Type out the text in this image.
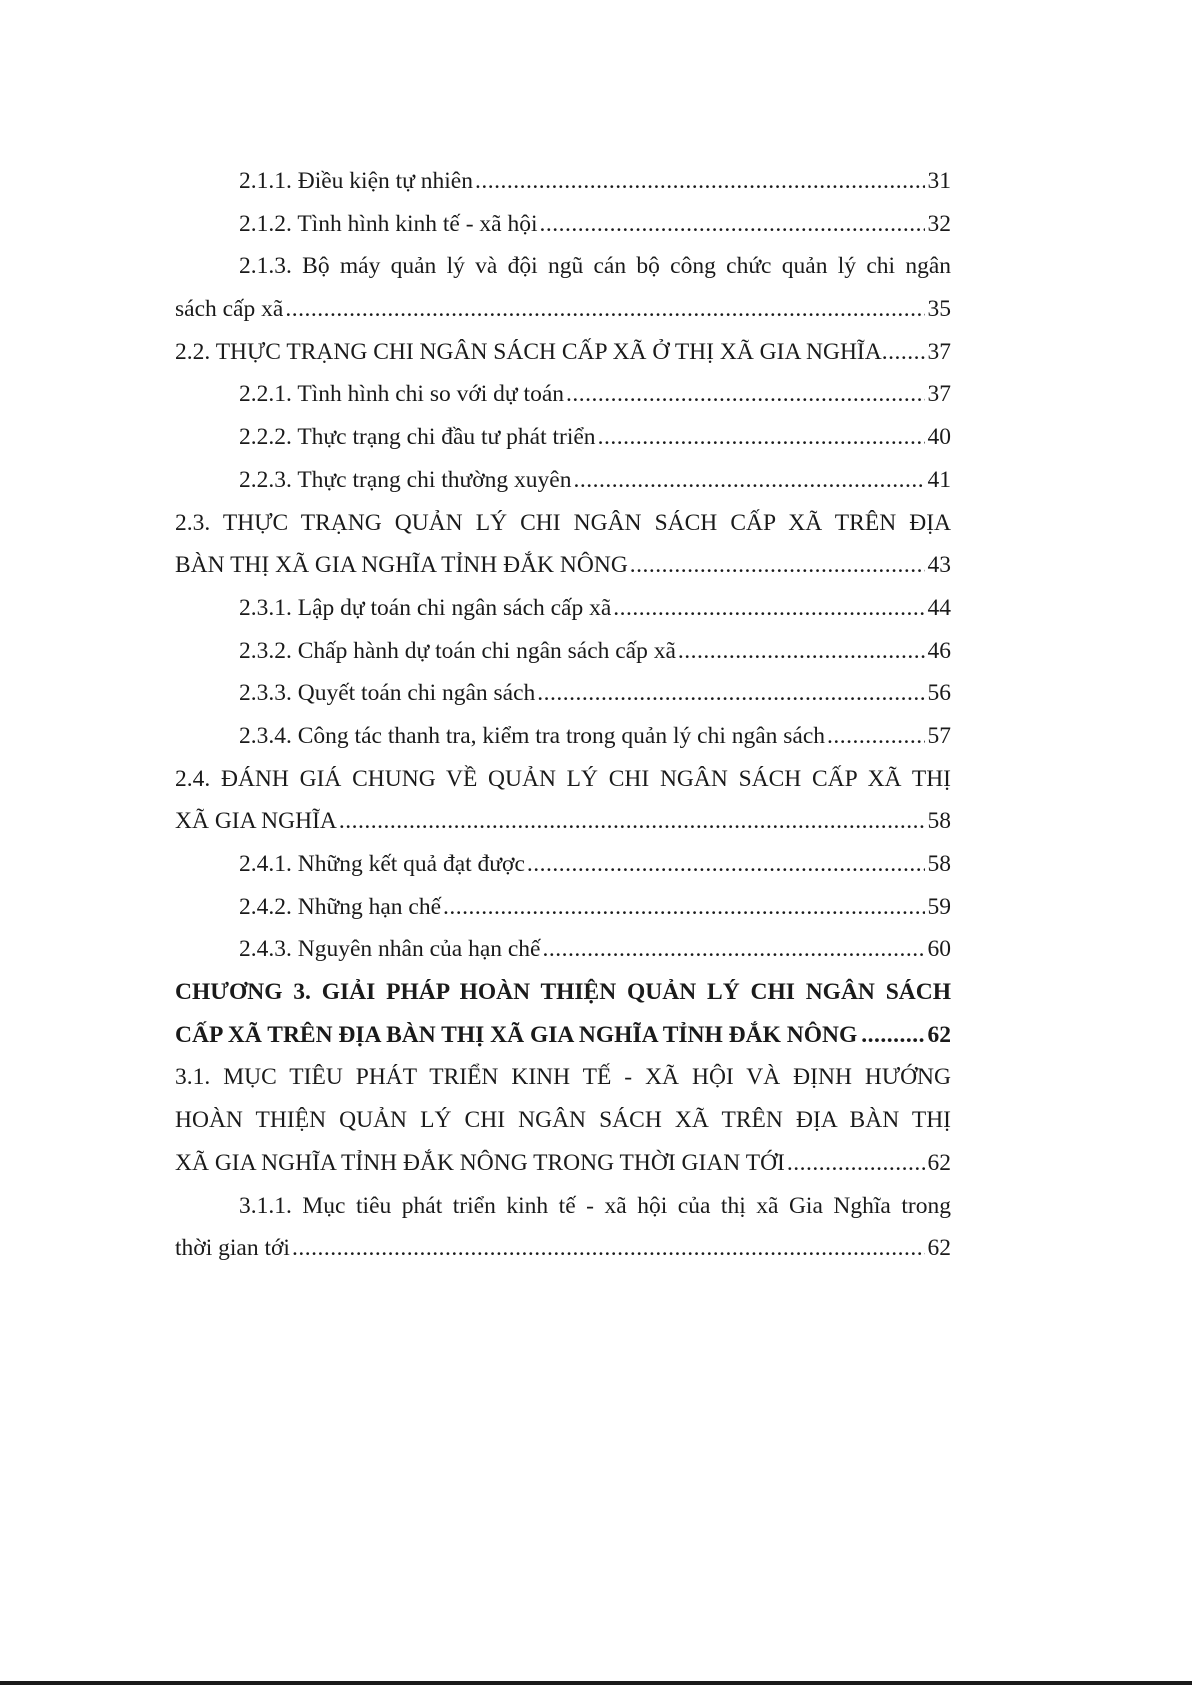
2.1.1. Điều kiện tự nhiên .....	31
2.1.2. Tình hình kinh tế - xã hội .....	32
2.1.3. Bộ máy quản lý và đội ngũ cán bộ công chức quản lý chi ngân
sách cấp xã .....	35
2.2. THỰC TRẠNG CHI NGÂN SÁCH CẤP XÃ Ở THỊ XÃ GIA NGHĨA ..... 37
2.2.1. Tình hình chi so với dự toán .....	37
2.2.2. Thực trạng chi đầu tư phát triển .....	40
2.2.3. Thực trạng chi thường xuyên .....	41
2.3. THỰC TRẠNG QUẢN LÝ CHI NGÂN SÁCH CẤP XÃ TRÊN ĐỊA
BÀN THỊ XÃ GIA NGHĨA TỈNH ĐẮK NÔNG .....	43
2.3.1. Lập dự toán chi ngân sách cấp xã .....	44
2.3.2. Chấp hành dự toán chi ngân sách cấp xã .....	46
2.3.3. Quyết toán chi ngân sách .....	56
2.3.4. Công tác thanh tra, kiểm tra trong quản lý chi ngân sách .....	57
2.4. ĐÁNH GIÁ CHUNG VỀ QUẢN LÝ CHI NGÂN SÁCH CẤP XÃ THỊ
XÃ GIA NGHĨA .....	58
2.4.1. Những kết quả đạt được .....	58
2.4.2. Những hạn chế .....	59
2.4.3. Nguyên nhân của hạn chế .....	60
CHƯƠNG 3. GIẢI PHÁP HOÀN THIỆN QUẢN LÝ CHI NGÂN SÁCH
CẤP XÃ TRÊN ĐỊA BÀN THỊ XÃ GIA NGHĨA TỈNH ĐẮK NÔNG .....	62
3.1. MỤC TIÊU PHÁT TRIỂN KINH TẾ - XÃ HỘI VÀ ĐỊNH HƯỚNG
HOÀN THIỆN QUẢN LÝ CHI NGÂN SÁCH XÃ TRÊN ĐỊA BÀN THỊ
XÃ GIA NGHĨA TỈNH ĐẮK NÔNG TRONG THỜI GIAN TỚI .....	62
3.1.1. Mục tiêu phát triển kinh tế - xã hội của thị xã Gia Nghĩa trong
thời gian tới .....	62
